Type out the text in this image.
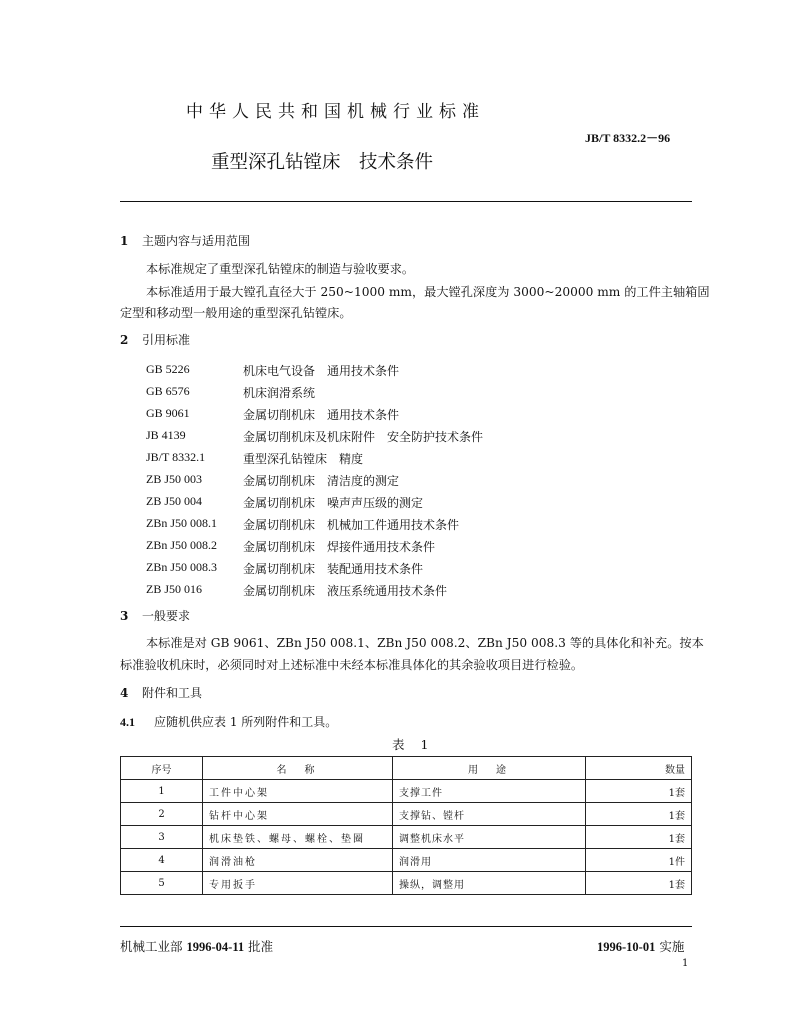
中华人民共和国机械行业标准
JB/T 8332.2－96
重型深孔钻镗床　技术条件
1 主题内容与适用范围
本标准规定了重型深孔钻镗床的制造与验收要求。
本标准适用于最大镗孔直径大于 250~1000 mm，最大镗孔深度为 3000~20000 mm 的工件主轴箱固
定型和移动型一般用途的重型深孔钻镗床。
2 引用标准
GB 5226	机床电气设备　通用技术条件
GB 6576	机床润滑系统
GB 9061	金属切削机床　通用技术条件
JB 4139	金属切削机床及机床附件　安全防护技术条件
JB/T 8332.1	重型深孔钻镗床　精度
ZB J50 003	金属切削机床　清洁度的测定
ZB J50 004	金属切削机床　噪声声压级的测定
ZBn J50 008.1 金属切削机床　机械加工件通用技术条件
ZBn J50 008.2 金属切削机床　焊接件通用技术条件
ZBn J50 008.3 金属切削机床　装配通用技术条件
ZB J50 016	金属切削机床　液压系统通用技术条件
3 一般要求
本标准是对 GB 9061、ZBn J50 008.1、ZBn J50 008.2、ZBn J50 008.3 等的具体化和补充。按本
标准验收机床时，必须同时对上述标准中未经本标准具体化的其余验收项目进行检验。
4 附件和工具
4.1 应随机供应表 1 所列附件和工具。
表 1
序号	名　称	用　途	数量
1	工件中心架	支撑工件	1套
2	钻杆中心架	支撑钻、镗杆	1套
3	机床垫铁、螺母、螺栓、垫圈	调整机床水平	1套
4	润滑油枪	润滑用	1件
5	专用扳手	操纵，调整用	1套
机械工业部 1996-04-11 批准	1996-10-01 实施
1
